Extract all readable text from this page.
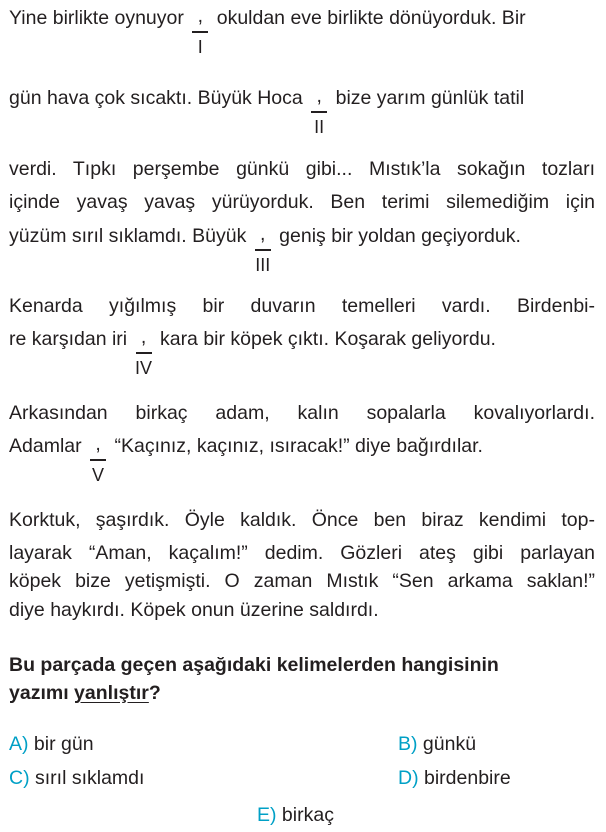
Yine birlikte oynuyor ,
I
okuldan eve birlikte dönüyorduk. Bir
gün hava çok sıcaktı. Büyük Hoca ,
II
bize yarım günlük tatil
verdi. Tıpkı perşembe günkü gibi... Mıstık’la sokağın tozları
içinde yavaş yavaş yürüyorduk. Ben terimi silemediğim için
yüzüm sırıl sıklamdı. Büyük ,
III
geniş bir yoldan geçiyorduk.
Kenarda yığılmış bir duvarın temelleri vardı. Birdenbi-
re karşıdan iri ,
IV
kara bir köpek çıktı. Koşarak geliyordu.
Arkasından birkaç adam, kalın sopalarla kovalıyorlardı.
Adamlar ,
V
“Kaçınız, kaçınız, ısıracak!” diye bağırdılar.
Korktuk, şaşırdık. Öyle kaldık. Önce ben biraz kendimi top-
layarak “Aman, kaçalım!” dedim. Gözleri ateş gibi parlayan
köpek bize yetişmişti. O zaman Mıstık “Sen arkama saklan!”
diye haykırdı. Köpek onun üzerine saldırdı.
Bu parçada geçen aşağıdaki kelimelerden hangisinin
yazımı yanlıştır?
A) bir gün	B) günkü
C) sırıl sıklamdı	D) birdenbire
E) birkaç
